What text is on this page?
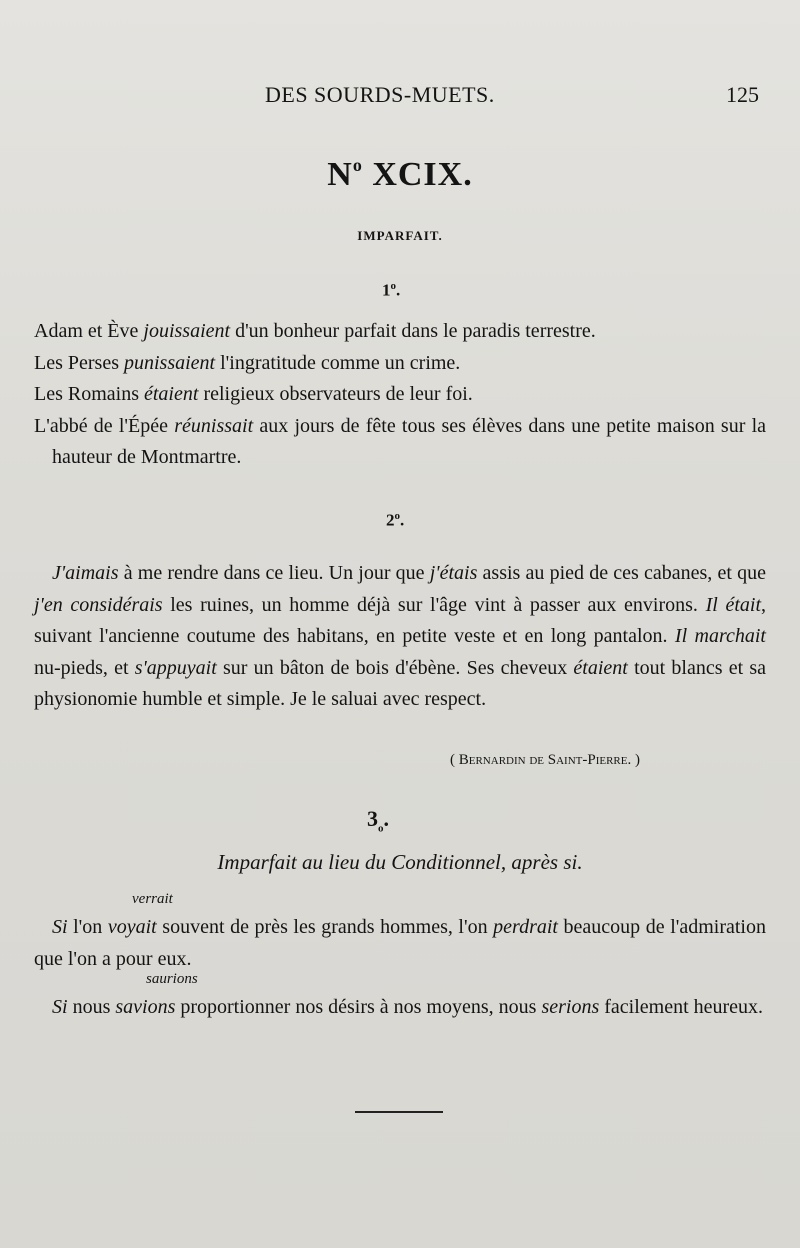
DES SOURDS-MUETS.	125
$N^o$ XCIX.
IMPARFAIT.
1$^o$.

Adam et Ève jouissaient d'un bonheur parfait dans le paradis terrestre.

Les Perses punissaient l'ingratitude comme un crime.

Les Romains étaient religieux observateurs de leur foi.

L'abbé de l'Épée réunissait aux jours de fête tous ses élèves dans une petite maison sur la hauteur de Montmartre.

2$^o$.

J'aimais à me rendre dans ce lieu. Un jour que j'étais assis au pied de ces cabanes, et que j'en considérais les ruines, un homme déjà sur l'âge vint à passer aux environs. Il était, suivant l'ancienne coutume des habitans, en petite veste et en long pantalon. Il marchait nu-pieds, et s'appuyait sur un bâton de bois d'ébène. Ses cheveux étaient tout blancs et sa physionomie humble et simple. Je le saluai avec respect.

( Bernardin de Saint-Pierre. )
$3_o$.
Imparfait au lieu du Conditionnel, après si.
verrait

Si l'on voyait souvent de près les grands hommes, l'on perdrait beaucoup de l'admiration que l'on a pour eux.

saurions

Si nous savions proportionner nos désirs à nos moyens, nous serions facilement heureux.
